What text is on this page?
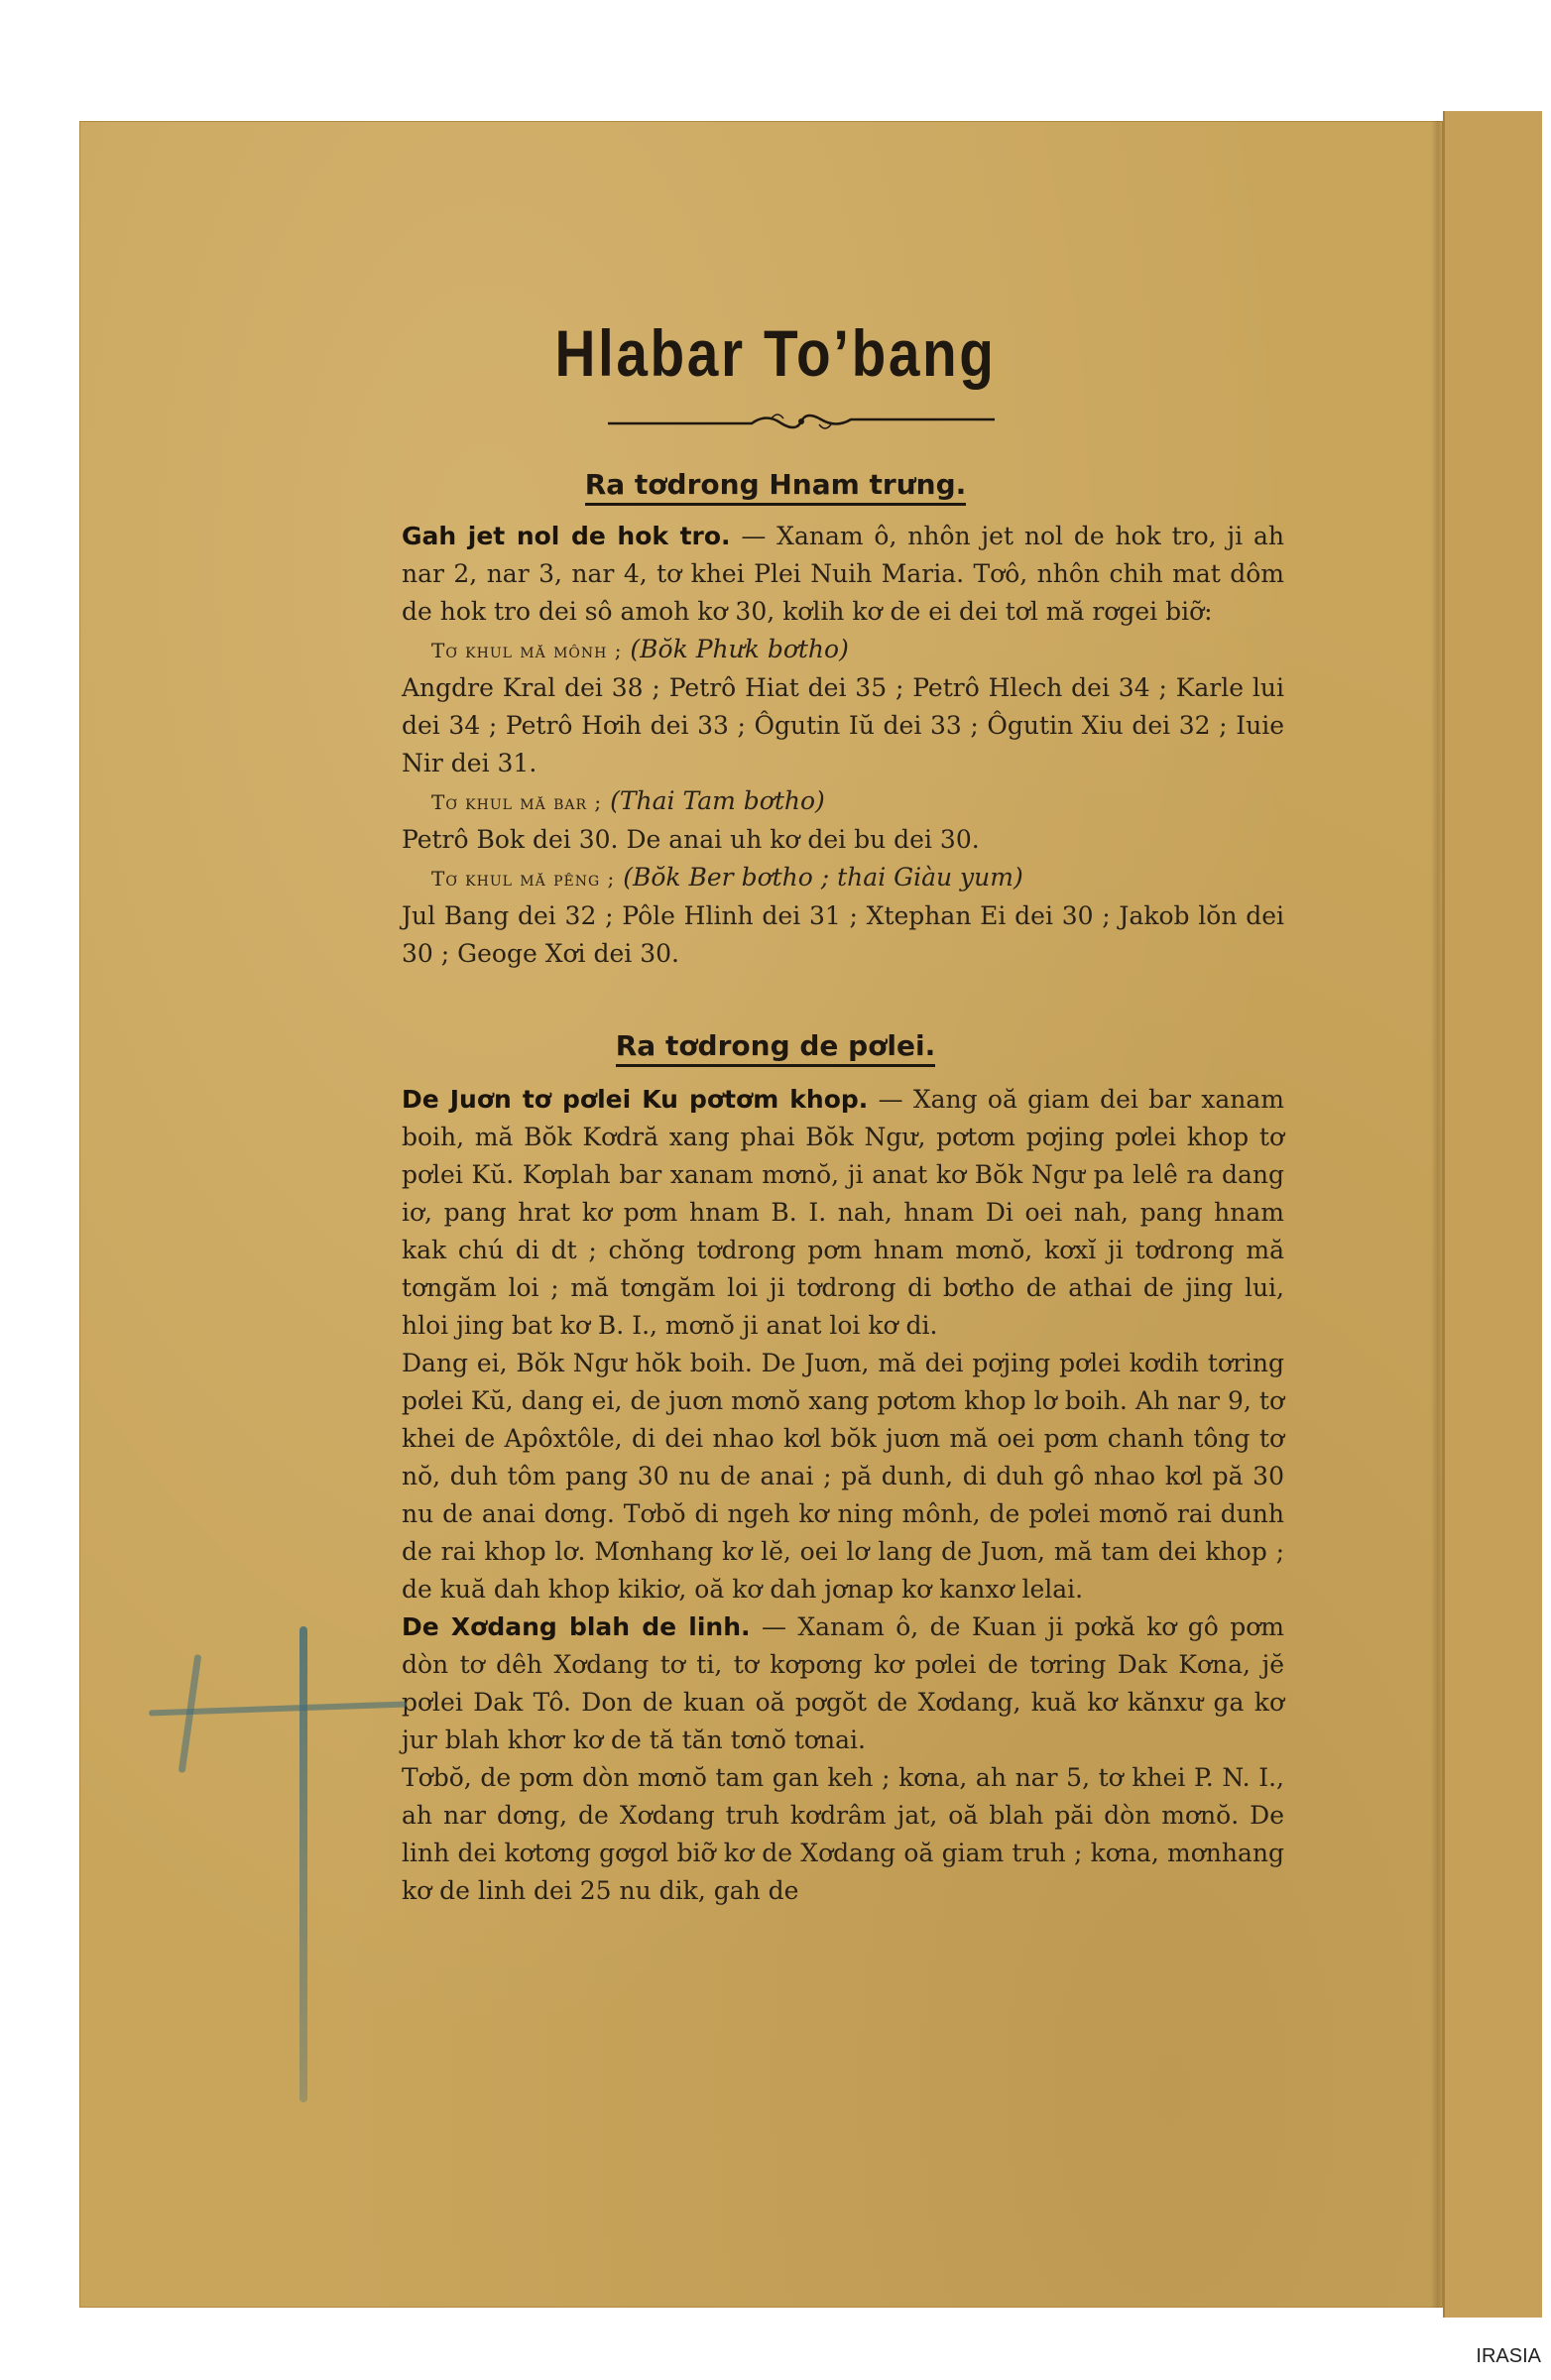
Hlabar To’bang
Ra tơdrong Hnam trưng.
Gah jet nol de hok tro. — Xanam ô, nhôn jet nol de hok tro, ji ah nar 2, nar 3, nar 4, tơ khei Plei Nuih Maria. Tơô, nhôn chih mat dôm de hok tro dei sô amoh kơ 30, kơlih kơ de ei dei tơl mă rơgei biỡ:
Tơ khul mă mônh ; (Bŏk Phưk bơtho)
Angdre Kral dei 38 ; Petrô Hiat dei 35 ; Petrô Hlech dei 34 ; Karle lui dei 34 ; Petrô Hơih dei 33 ; Ôgutin Iŭ dei 33 ; Ôgutin Xiu dei 32 ; Iuie Nir dei 31.
Tơ khul mă bar ; (Thai Tam bơtho)
Petrô Bok dei 30. De anai uh kơ dei bu dei 30.
Tơ khul mă pêng ; (Bŏk Ber bơtho ; thai Giàu yum)
Jul Bang dei 32 ; Pôle Hlinh dei 31 ; Xtephan Ei dei 30 ; Jakob lŏn dei 30 ; Geoge Xơi dei 30.
Ra tơdrong de pơlei.
De Juơn tơ pơlei Ku pơtơm khop. — Xang oă giam dei bar xanam boih, mă Bŏk Kơdră xang phai Bŏk Ngư, pơtơm pơjing pơlei khop tơ pơlei Kŭ. Kơplah bar xanam mơnŏ, ji anat kơ Bŏk Ngư pa lelê ra dang iơ, pang hrat kơ pơm hnam B. I. nah, hnam Di oei nah, pang hnam kak chú di dt ; chŏng tơdrong pơm hnam mơnŏ, kơxĭ ji tơdrong mă tơngăm loi ; mă tơngăm loi ji tơdrong di bơtho de athai de jing lui, hloi jing bat kơ B. I., mơnŏ ji anat loi kơ di.
Dang ei, Bŏk Ngư hŏk boih. De Juơn, mă dei pơjing pơlei kơdih tơring pơlei Kŭ, dang ei, de juơn mơnŏ xang pơtơm khop lơ boih. Ah nar 9, tơ khei de Apôxtôle, di dei nhao kơl bŏk juơn mă oei pơm chanh tông tơ nŏ, duh tôm pang 30 nu de anai ; pă dunh, di duh gô nhao kơl pă 30 nu de anai dơng. Tơbŏ di ngeh kơ ning mônh, de pơlei mơnŏ rai dunh de rai khop lơ. Mơnhang kơ lĕ, oei lơ lang de Juơn, mă tam dei khop ; de kuă dah khop kikiơ, oă kơ dah jơnap kơ kanxơ lelai.
De Xơdang blah de linh. — Xanam ô, de Kuan ji pơkă kơ gô pơm dòn tơ dêh Xơdang tơ ti, tơ kơpơng kơ pơlei de tơring Dak Kơna, jĕ pơlei Dak Tô. Don de kuan oă pơgŏt de Xơdang, kuă kơ kănxư ga kơ jur blah khơr kơ de tă tăn tơnŏ tơnai.
Tơbŏ, de pơm dòn mơnŏ tam gan keh ; kơna, ah nar 5, tơ khei P. N. I., ah nar dơng, de Xơdang truh kơdrâm jat, oă blah păi dòn mơnŏ. De linh dei kơtơng gơgơl biỡ kơ de Xơdang oă giam truh ; kơna, mơnhang kơ de linh dei 25 nu dik, gah de
IRASIA
